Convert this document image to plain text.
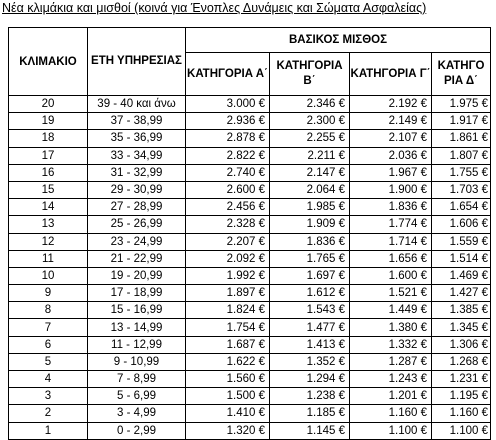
Νέα κλιμάκια και μισθοί (κοινά για Ένοπλες Δυνάμεις και Σώματα Ασφαλείας)
ΚΛΙΜΑΚΙΟ	ΕΤΗ ΥΠΗΡΕΣΙΑΣ	ΒΑΣΙΚΟΣ ΜΙΣΘΟΣ			
		ΚΑΤΗΓΟΡΙΑ Α΄	ΚΑΤΗΓΟΡΙΑ Β΄	ΚΑΤΗΓΟΡΙΑ Γ΄	ΚΑΤΗΓΟ ΡΙΑ Δ΄
20	39 - 40 και άνω	3.000 €	2.346 €	2.192 €	1.975 €
19	37 - 38,99	2.936 €	2.300 €	2.149 €	1.917 €
18	35 - 36,99	2.878 €	2.255 €	2.107 €	1.861 €
17	33 - 34,99	2.822 €	2.211 €	2.036 €	1.807 €
16	31 - 32,99	2.740 €	2.147 €	1.967 €	1.755 €
15	29 - 30,99	2.600 €	2.064 €	1.900 €	1.703 €
14	27 - 28,99	2.456 €	1.985 €	1.836 €	1.654 €
13	25 - 26,99	2.328 €	1.909 €	1.774 €	1.606 €
12	23 - 24,99	2.207 €	1.836 €	1.714 €	1.559 €
11	21 - 22,99	2.092 €	1.765 €	1.656 €	1.514 €
10	19 - 20,99	1.992 €	1.697 €	1.600 €	1.469 €
9	17 - 18,99	1.897 €	1.612 €	1.521 €	1.427 €
8	15 - 16,99	1.824 €	1.543 €	1.449 €	1.385 €
7	13 - 14,99	1.754 €	1.477 €	1.380 €	1.345 €
6	11 - 12,99	1.687 €	1.413 €	1.332 €	1.306 €
5	9 - 10,99	1.622 €	1.352 €	1.287 €	1.268 €
4	7 - 8,99	1.560 €	1.294 €	1.243 €	1.231 €
3	5 - 6,99	1.500 €	1.238 €	1.201 €	1.195 €
2	3 - 4,99	1.410 €	1.185 €	1.160 €	1.160 €
1	0 - 2,99	1.320 €	1.145 €	1.100 €	1.100 €
